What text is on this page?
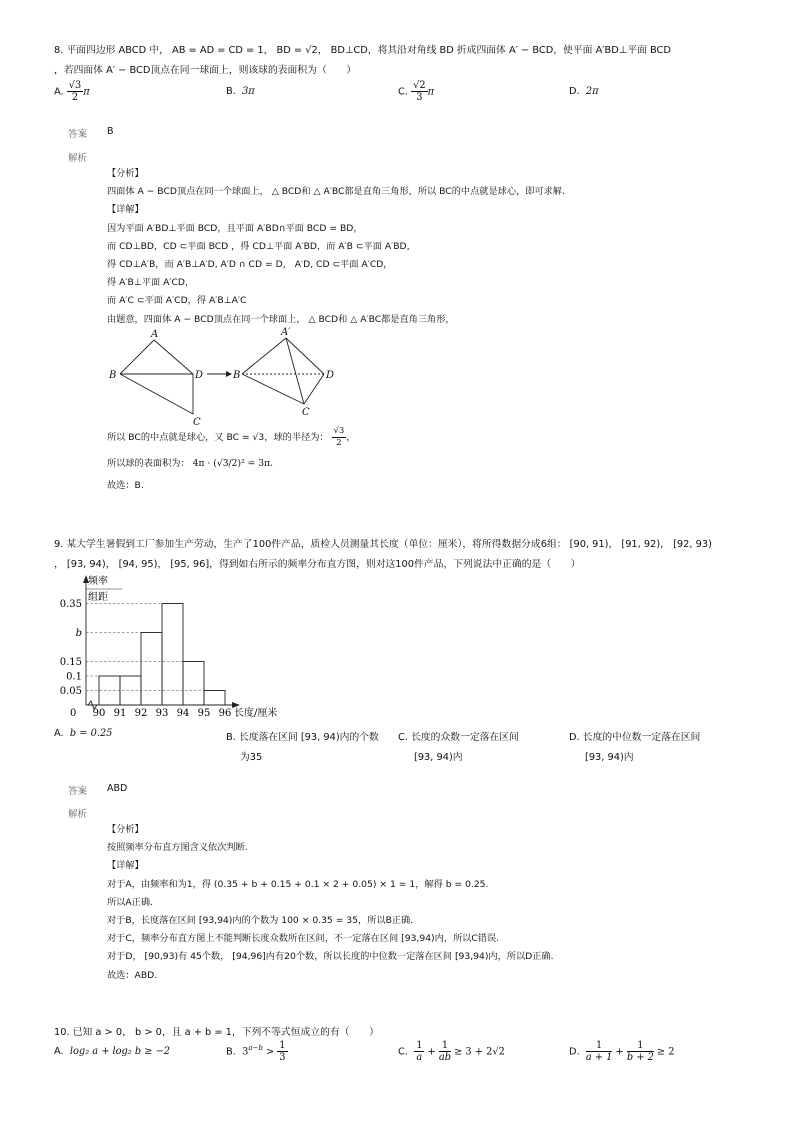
8. 平面四边形 ABCD 中， AB = AD = CD = 1， BD = √2， BD⊥CD，将其沿对角线 BD 折成四面体 A′ − BCD，使平面 A′BD⊥平面 BCD
，若四面体 A′ − BCD顶点在同一球面上，则该球的表面积为（　　）
A. $\frac{√3}{2}$ π	B. 3π	C. $\frac{√2}{3}$ π	D. 2π
答案 B
解析
【分析】
四面体 A − BCD顶点在同一个球面上， △ BCD和 △ A′BC都是直角三角形，所以 BC的中点就是球心，即可求解.
【详解】
因为平面 A′BD⊥平面 BCD，且平面 A′BD∩平面 BCD = BD，
而 CD⊥BD，CD ⊂平面 BCD ，得 CD⊥平面 A′BD，而 A′B ⊂平面 A′BD，
得 CD⊥A′B，而 A′B⊥A′D, A′D ∩ CD = D， A′D, CD ⊂平面 A′CD，
得 A′B⊥平面 A′CD，
而 A′C ⊂平面 A′CD，得 A′B⊥A′C
由题意，四面体 A − BCD顶点在同一个球面上， △ BCD和 △ A′BC都是直角三角形，
A
B	D
C
A′
B	D
C
所以 BC的中点就是球心，又 BC = √3，球的半径为： $\frac{√3}{2}$ ，
所以球的表面积为： 4π · (√3/2)² = 3π.
故选：B.
9. 某大学生暑假到工厂参加生产劳动，生产了100件产品，质检人员测量其长度（单位：厘米），将所得数据分成6组： [90, 91)， [91, 92)， [92, 93)
， [93, 94)， [94, 95)， [95, 96]，得到如右所示的频率分布直方图，则对这100件产品，下列说法中正确的是（　　）
频率
组距
0	长度/厘米
0.35
b
0.15
0.1
0.05
90 91 92 93 94 95 96
A. b = 0.25	B. 长度落在区间 [93, 94)内的个数
为35
C. 长度的众数一定落在区间
[93, 94)内
D. 长度的中位数一定落在区间
[93, 94)内
答案 ABD
解析
【分析】
按照频率分布直方图含义依次判断.
【详解】
对于A，由频率和为1，得 (0.35 + b + 0.15 + 0.1 × 2 + 0.05) × 1 = 1，解得 b = 0.25.
所以A正确.
对于B，长度落在区间 [93,94)内的个数为 100 × 0.35 = 35，所以B正确.
对于C，频率分布直方图上不能判断长度众数所在区间，不一定落在区间 [93,94)内，所以C错误.
对于D， [90,93)有 45个数， [94,96]内有20个数，所以长度的中位数一定落在区间 [93,94)内，所以D正确.
故选：ABD.
10. 已知 a > 0， b > 0，且 a + b = 1，下列不等式恒成立的有（　　）
A. log₂ a + log₂ b ≥ −2	B. $3^{a-b} > \frac{1}{3}$	C. $\frac{1}{a} + \frac{1}{ab} \ge 3 + 2√2$	D. $\frac{1}{a + 1} + \frac{1}{b + 2} \ge 2$
